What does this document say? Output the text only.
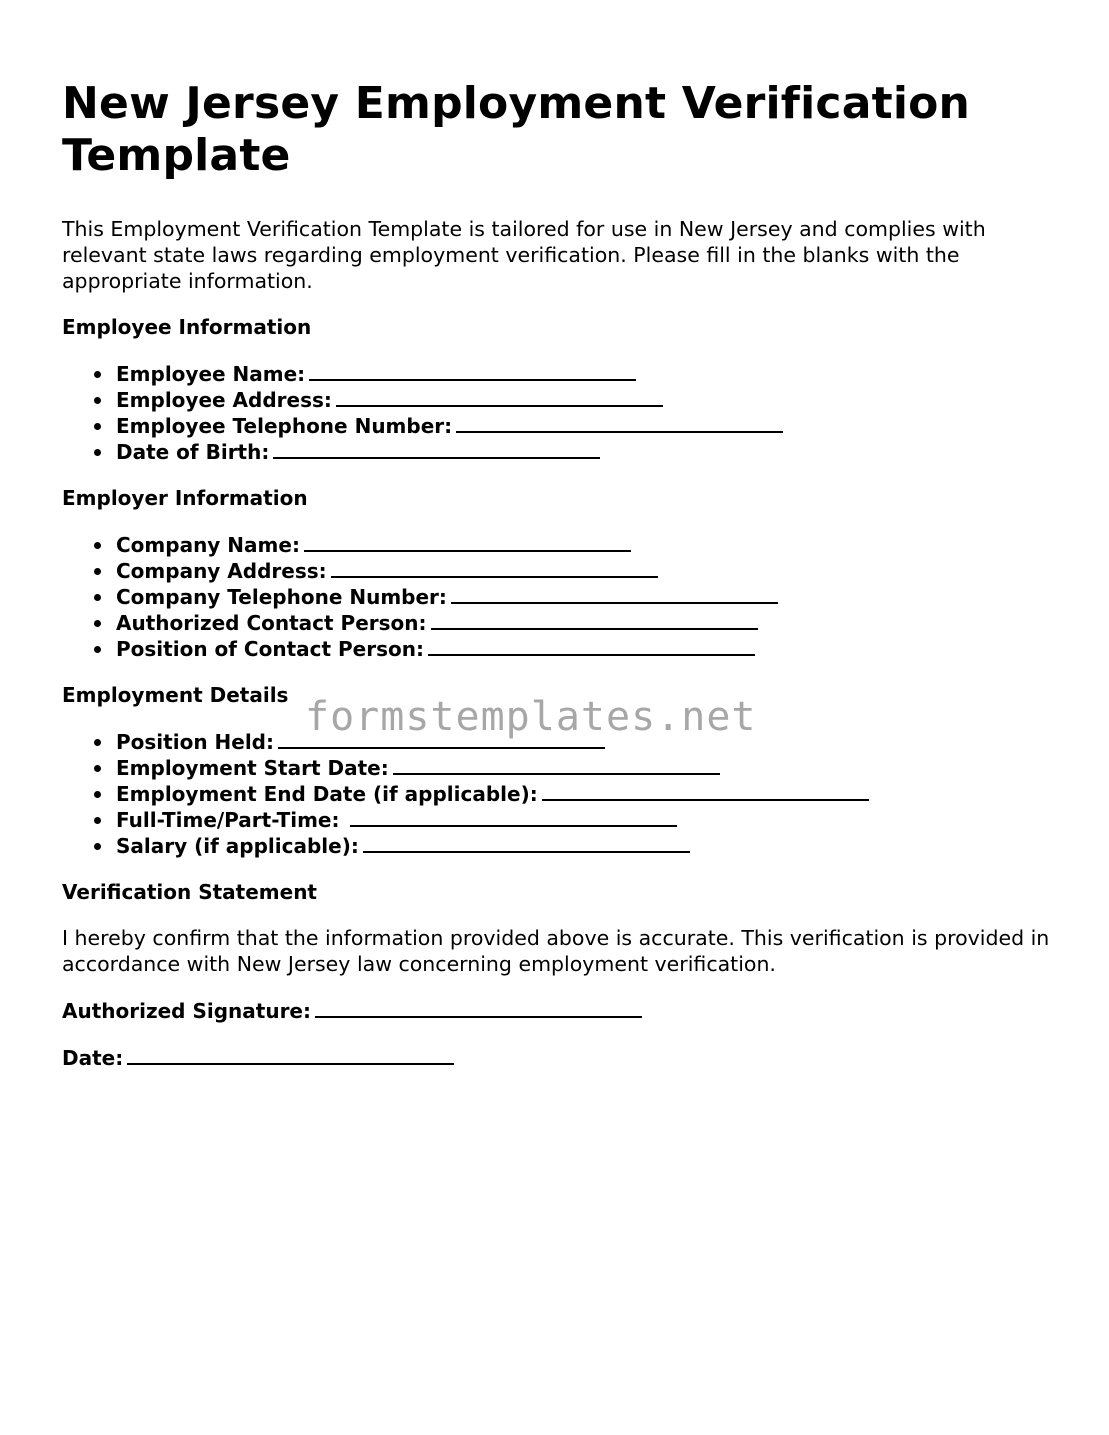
New Jersey Employment Verification Template

This Employment Verification Template is tailored for use in New Jersey and complies with relevant state laws regarding employment verification. Please fill in the blanks with the appropriate information.

Employee Information
Employee Name:
Employee Address:
Employee Telephone Number:
Date of Birth:
Employer Information
Company Name:
Company Address:
Company Telephone Number:
Authorized Contact Person:
Position of Contact Person:
Employment Details
Position Held:
Employment Start Date:
Employment End Date (if applicable):
Full-Time/Part-Time:
Salary (if applicable):
Verification Statement

I hereby confirm that the information provided above is accurate. This verification is provided in accordance with New Jersey law concerning employment verification.

Authorized Signature:

Date:

formstemplates.net
